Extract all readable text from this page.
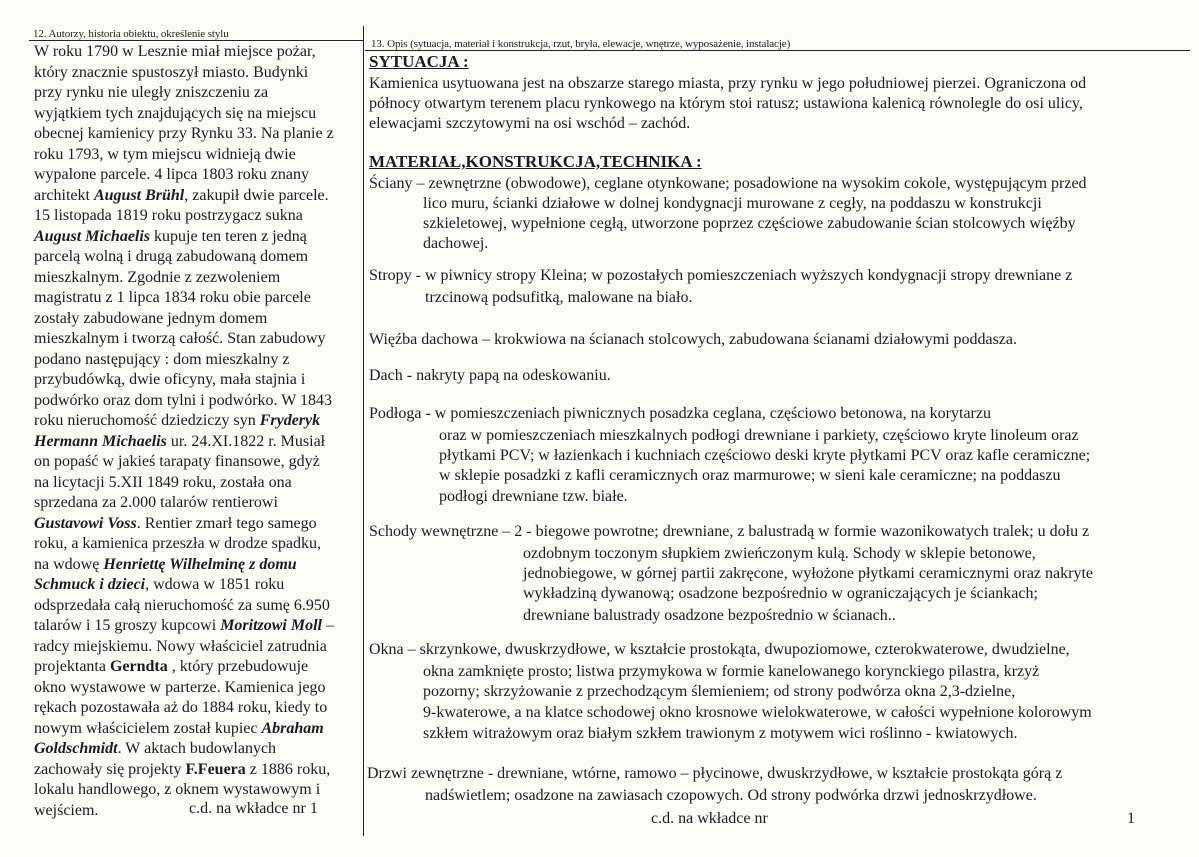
12. Autorzy, historia obiektu, określenie stylu
13. Opis (sytuacja, materiał i konstrukcja, rzut, bryła, elewacje, wnętrze, wyposażenie, instalacje)
W roku 1790 w Lesznie miał miejsce pożar,
który znacznie spustoszył miasto. Budynki
przy rynku nie uległy zniszczeniu za
wyjątkiem tych znajdujących się na miejscu
obecnej kamienicy przy Rynku 33. Na planie z
roku 1793, w tym miejscu widnieją dwie
wypalone parcele. 4 lipca 1803 roku znany
architekt August Brühl, zakupił dwie parcele.
15 listopada 1819 roku postrzygacz sukna
August Michaelis kupuje ten teren z jedną
parcelą wolną i drugą zabudowaną domem
mieszkalnym. Zgodnie z zezwoleniem
magistratu z 1 lipca 1834 roku obie parcele
zostały zabudowane jednym domem
mieszkalnym i tworzą całość. Stan zabudowy
podano następujący : dom mieszkalny z
przybudówką, dwie oficyny, mała stajnia i
podwórko oraz dom tylni i podwórko. W 1843
roku nieruchomość dziedziczy syn Fryderyk
Hermann Michaelis ur. 24.XI.1822 r. Musiał
on popaść w jakieś tarapaty finansowe, gdyż
na licytacji 5.XII 1849 roku, została ona
sprzedana za 2.000 talarów rentierowi
Gustavowi Voss. Rentier zmarł tego samego
roku, a kamienica przeszła w drodze spadku,
na wdowę Henriettę Wilhelminę z domu
Schmuck i dzieci, wdowa w 1851 roku
odsprzedała całą nieruchomość za sumę 6.950
talarów i 15 groszy kupcowi Moritzowi Moll –
radcy miejskiemu. Nowy właściciel zatrudnia
projektanta Gerndta , który przebudowuje
okno wystawowe w parterze. Kamienica jego
rękach pozostawała aż do 1884 roku, kiedy to
nowym właścicielem został kupiec Abraham
Goldschmidt. W aktach budowlanych
zachowały się projekty F.Feuera z 1886 roku,
lokalu handlowego, z oknem wystawowym i
wejściem.	c.d. na wkładce nr 1
SYTUACJA :
Kamienica usytuowana jest na obszarze starego miasta, przy rynku w jego południowej pierzei. Ograniczona od
północy otwartym terenem placu rynkowego na którym stoi ratusz; ustawiona kalenicą równolegle do osi ulicy,
elewacjami szczytowymi na osi wschód – zachód.
MATERIAŁ,KONSTRUKCJA,TECHNIKA :
Ściany – zewnętrzne (obwodowe), ceglane otynkowane; posadowione na wysokim cokole, występującym przed
lico muru, ścianki działowe w dolnej kondygnacji murowane z cegły, na poddaszu w konstrukcji
szkieletowej, wypełnione cegłą, utworzone poprzez częściowe zabudowanie ścian stolcowych więźby
dachowej.
Stropy - w piwnicy stropy Kleina; w pozostałych pomieszczeniach wyższych kondygnacji stropy drewniane z
trzcinową podsufitką, malowane na biało.
Więźba dachowa – krokwiowa na ścianach stolcowych, zabudowana ścianami działowymi poddasza.
Dach - nakryty papą na odeskowaniu.
Podłoga - w pomieszczeniach piwnicznych posadzka ceglana, częściowo betonowa, na korytarzu
oraz w pomieszczeniach mieszkalnych podłogi drewniane i parkiety, częściowo kryte linoleum oraz
płytkami PCV; w łazienkach i kuchniach częściowo deski kryte płytkami PCV oraz kafle ceramiczne;
w sklepie posadzki z kafli ceramicznych oraz marmurowe; w sieni kale ceramiczne; na poddaszu
podłogi drewniane tzw. białe.
Schody wewnętrzne – 2 - biegowe powrotne; drewniane, z balustradą w formie wazonikowatych tralek; u dołu z
ozdobnym toczonym słupkiem zwieńczonym kulą. Schody w sklepie betonowe,
jednobiegowe, w górnej partii zakręcone, wyłożone płytkami ceramicznymi oraz nakryte
wykładziną dywanową; osadzone bezpośrednio w ograniczających je ściankach;
drewniane balustrady osadzone bezpośrednio w ścianach..
Okna – skrzynkowe, dwuskrzydłowe, w kształcie prostokąta, dwupoziomowe, czterokwaterowe, dwudzielne,
okna zamknięte prosto; listwa przymykowa w formie kanelowanego korynckiego pilastra, krzyż
pozorny; skrzyżowanie z przechodzącym ślemieniem; od strony podwórza okna 2,3-dzielne,
9-kwaterowe, a na klatce schodowej okno krosnowe wielokwaterowe, w całości wypełnione kolorowym
szkłem witrażowym oraz białym szkłem trawionym z motywem wici roślinno - kwiatowych.
Drzwi zewnętrzne - drewniane, wtórne, ramowo – płycinowe, dwuskrzydłowe, w kształcie prostokąta górą z
nadświetlem; osadzone na zawiasach czopowych. Od strony podwórka drzwi jednoskrzydłowe.
c.d. na wkładce nr	1
